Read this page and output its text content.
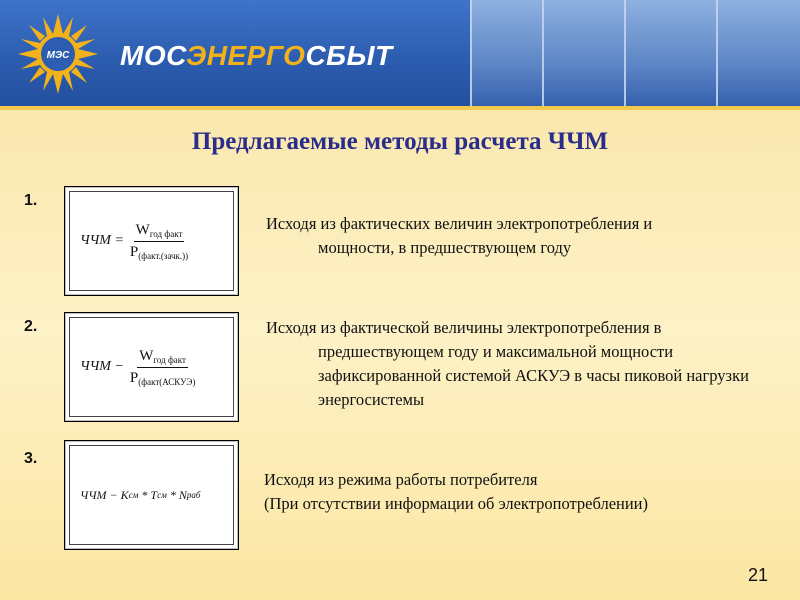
МЭС МОСЭНЕРГОСБЫТ
Предлагаемые методы расчета ЧЧМ
1.
ЧЧМ
= $\frac{W_{год факт}}{P_{(факт.(зачк.))}}$	Исходя из фактических величин электропотребления и
мощности, в предшествующем году
2.
ЧЧМ
− $\frac{W_{год факт}}{P_{(факт(АСКУЭ)}}$
Исходя из фактической величины электропотребления в
предшествующем году и максимальной мощности зафиксированной системой АСКУЭ в часы пиковой нагрузки энергосистемы
3.
ЧЧМ
−
K см * T см * N раб
Исходя из режима работы потребителя
(При отсутствии информации об электропотреблении)
21
